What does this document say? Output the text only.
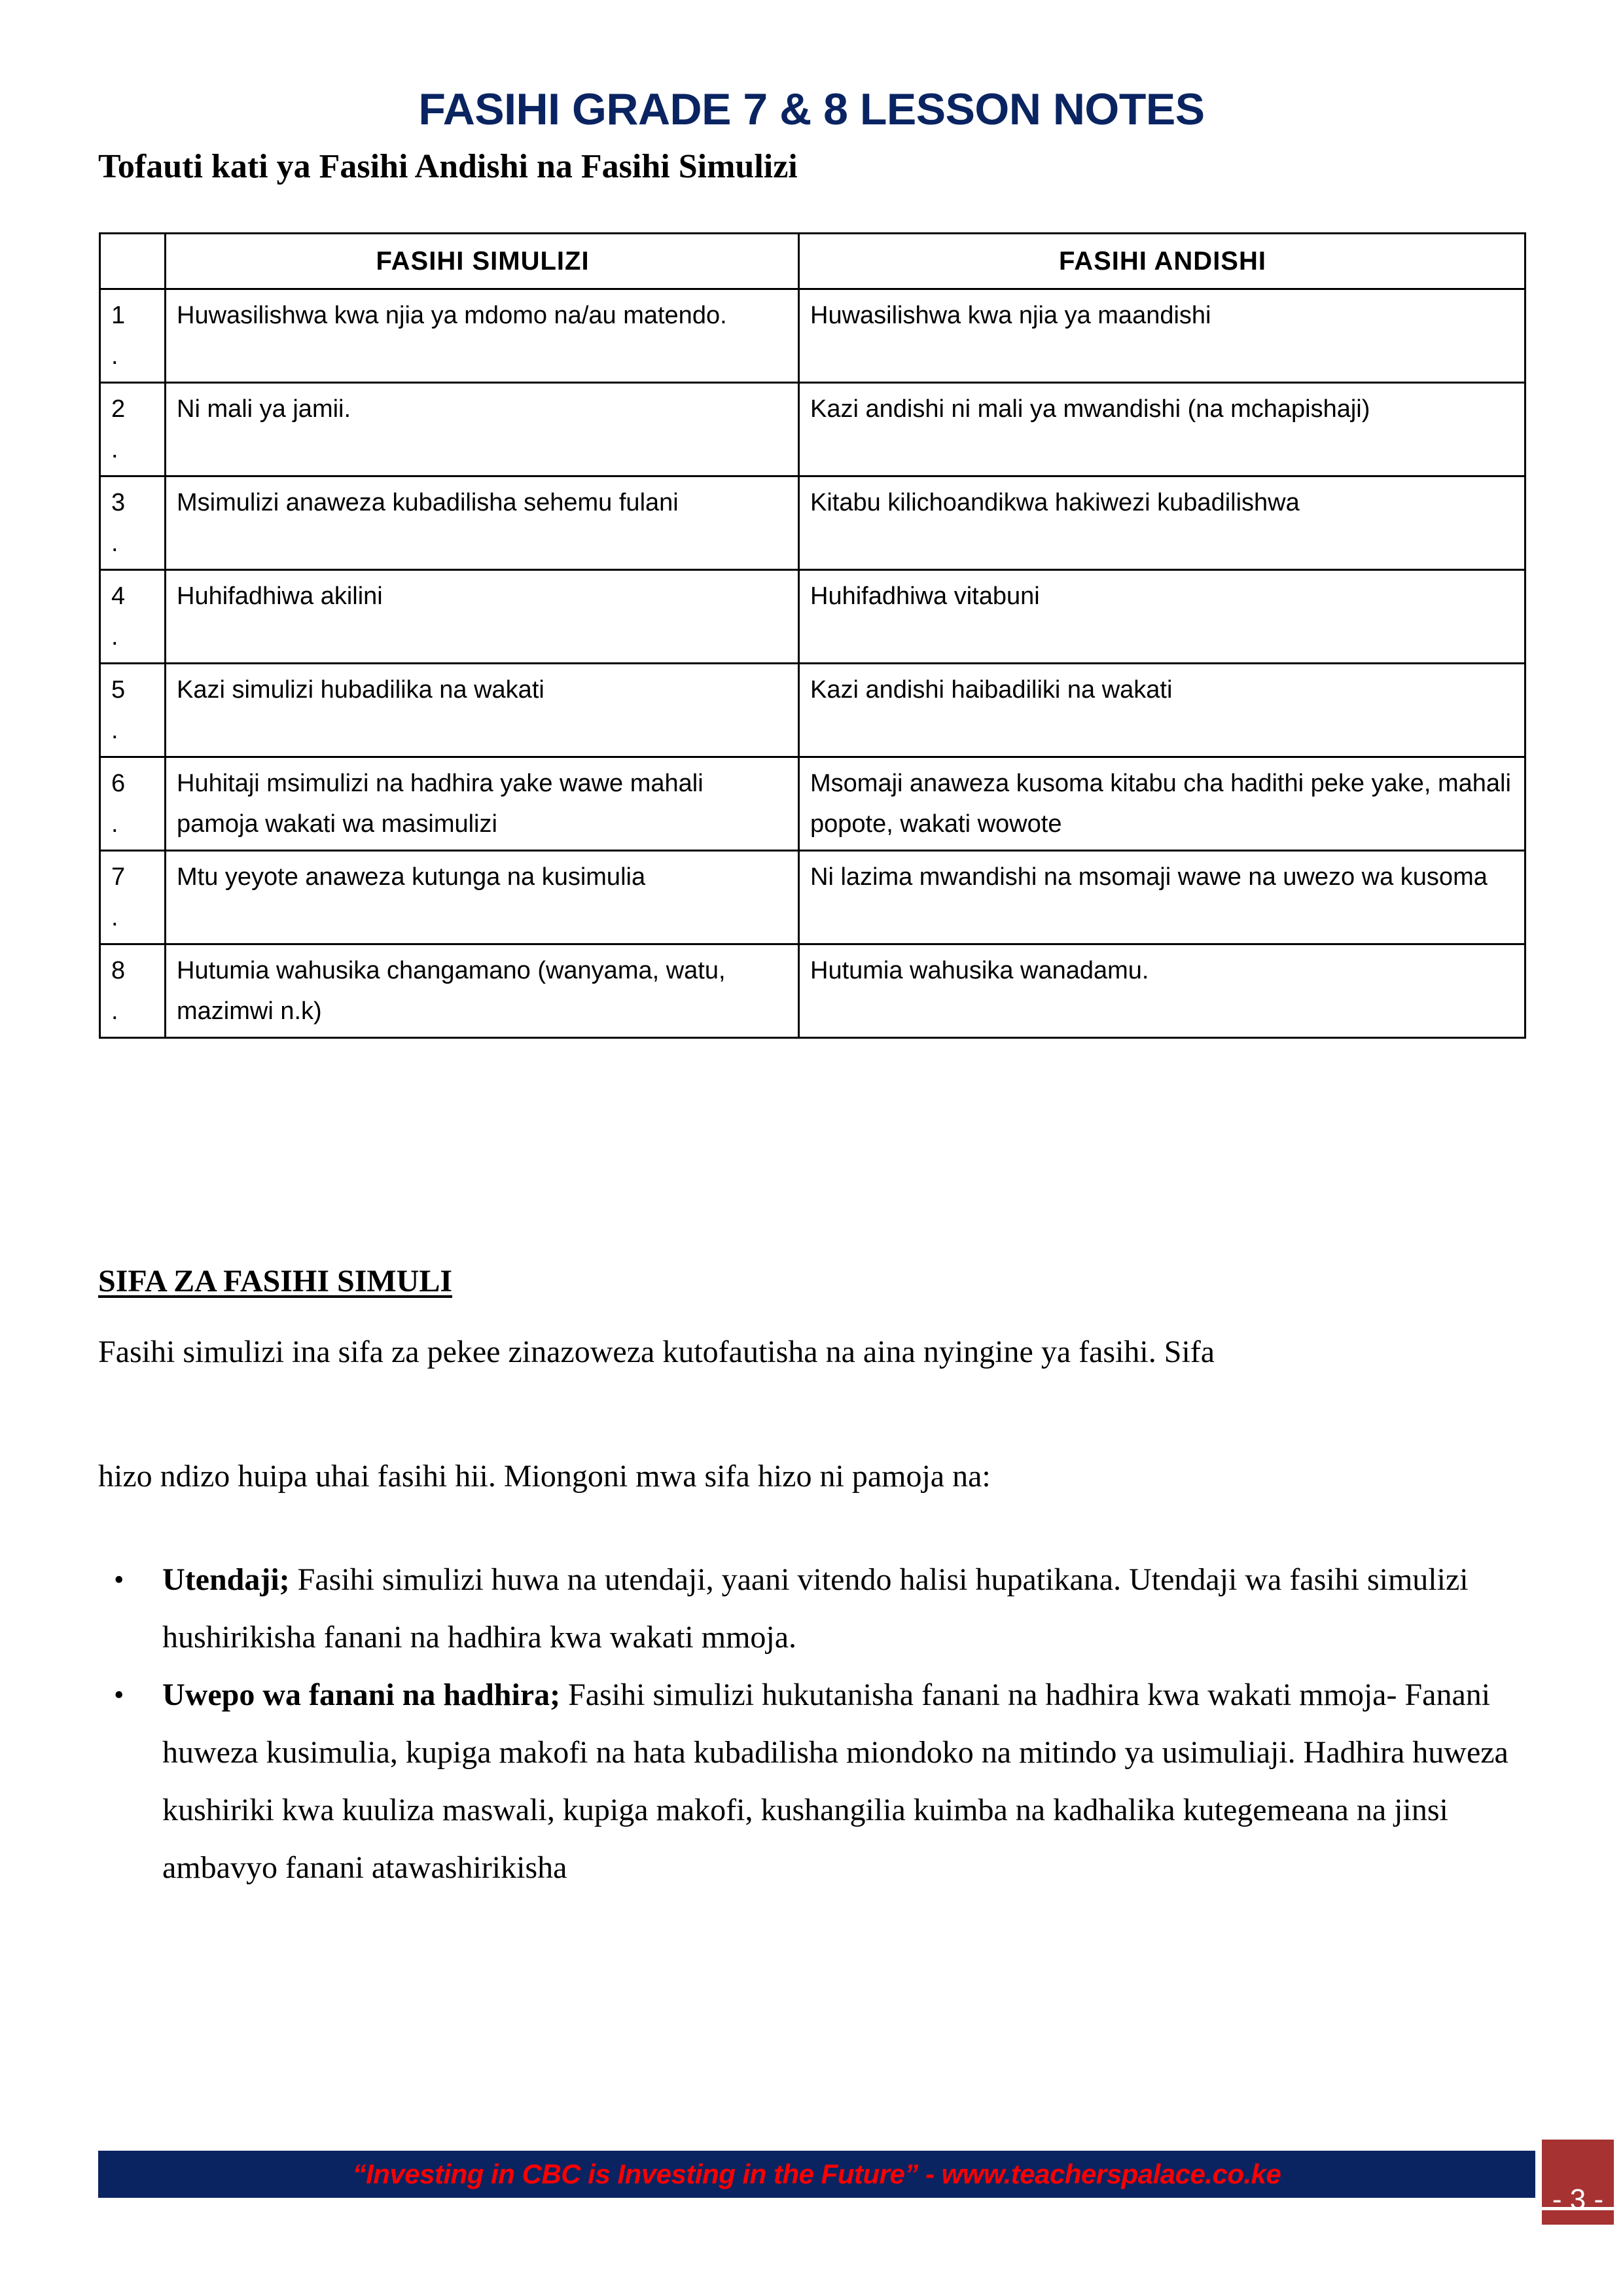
FASIHI GRADE 7 & 8 LESSON NOTES
Tofauti kati ya Fasihi Andishi na Fasihi Simulizi
	FASIHI SIMULIZI	FASIHI ANDISHI

1
.	Huwasilishwa kwa njia ya mdomo na/au matendo.	Huwasilishwa kwa njia ya maandishi

2
.	Ni mali ya jamii.	Kazi andishi ni mali ya mwandishi (na mchapishaji)

3
.	Msimulizi anaweza kubadilisha sehemu fulani	Kitabu kilichoandikwa hakiwezi kubadilishwa

4
.	Huhifadhiwa akilini	Huhifadhiwa vitabuni

5
.	Kazi simulizi hubadilika na wakati	Kazi andishi haibadiliki na wakati

6
.	Huhitaji msimulizi na hadhira yake wawe mahali pamoja wakati wa masimulizi	Msomaji anaweza kusoma kitabu cha hadithi peke yake, mahali popote, wakati wowote

7
.	Mtu yeyote anaweza kutunga na kusimulia	Ni lazima mwandishi na msomaji wawe na uwezo wa kusoma

8
.	Hutumia wahusika changamano (wanyama, watu, mazimwi n.k)	Hutumia wahusika wanadamu.
SIFA ZA FASIHI SIMULI
Fasihi simulizi ina sifa za pekee zinazoweza kutofautisha na aina nyingine ya fasihi. Sifa
hizo ndizo huipa uhai fasihi hii. Miongoni mwa sifa hizo ni pamoja na:
• Utendaji; Fasihi simulizi huwa na utendaji, yaani vitendo halisi hupatikana. Utendaji wa fasihi simulizi hushirikisha fanani na hadhira kwa wakati mmoja.
• Uwepo wa fanani na hadhira; Fasihi simulizi hukutanisha fanani na hadhira kwa wakati mmoja- Fanani huweza kusimulia, kupiga makofi na hata kubadilisha miondoko na mitindo ya usimuliaji. Hadhira huweza kushiriki kwa kuuliza maswali, kupiga makofi, kushangilia kuimba na kadhalika kutegemeana na jinsi ambavyo fanani atawashirikisha
“Investing in CBC is Investing in the Future” - www.teacherspalace.co.ke
- 3 -
